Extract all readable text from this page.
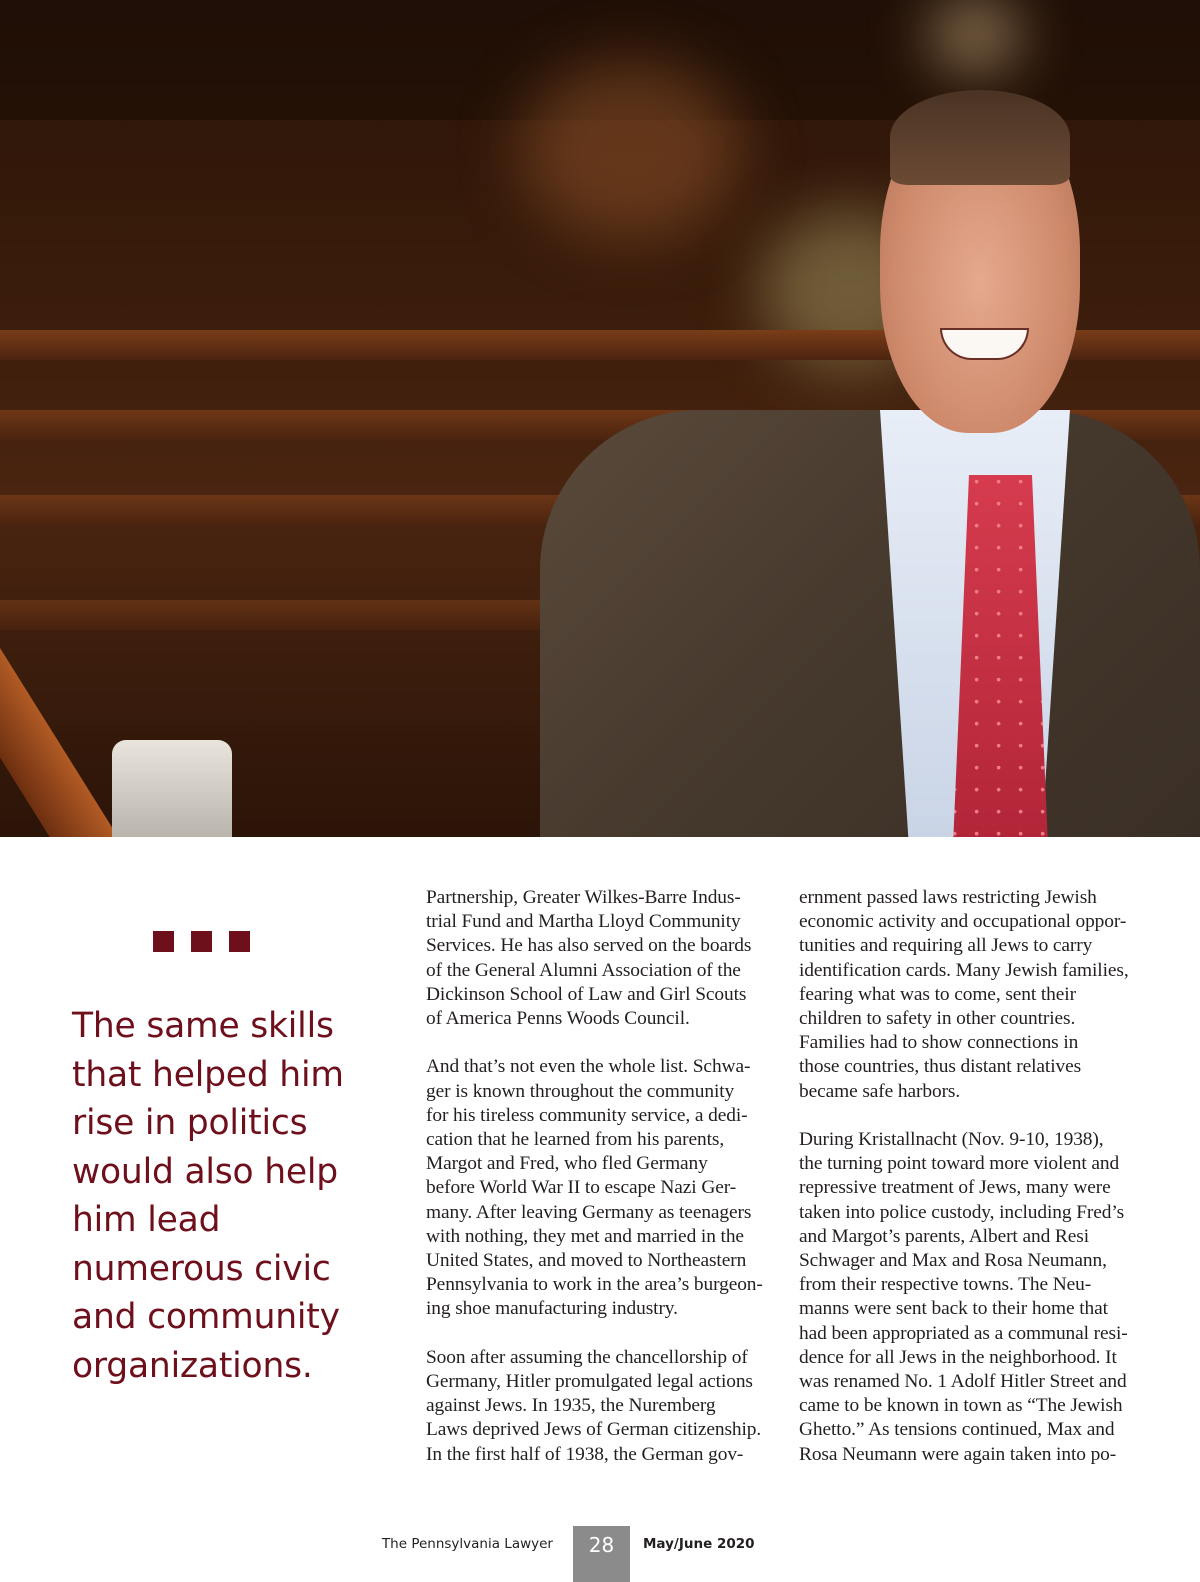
The same skills that helped him rise in politics would also help him lead numerous civic and community organizations.

Partnership, Greater Wilkes-Barre Indus-
trial Fund and Martha Lloyd Community
Services. He has also served on the boards
of the General Alumni Association of the
Dickinson School of Law and Girl Scouts
of America Penns Woods Council.

And that’s not even the whole list. Schwa-
ger is known throughout the community
for his tireless community service, a dedi-
cation that he learned from his parents,
Margot and Fred, who fled Germany
before World War II to escape Nazi Ger-
many. After leaving Germany as teenagers
with nothing, they met and married in the
United States, and moved to Northeastern
Pennsylvania to work in the area’s burgeon-
ing shoe manufacturing industry.

Soon after assuming the chancellorship of
Germany, Hitler promulgated legal actions
against Jews. In 1935, the Nuremberg
Laws deprived Jews of German citizenship.
In the first half of 1938, the German gov-

ernment passed laws restricting Jewish
economic activity and occupational oppor-
tunities and requiring all Jews to carry
identification cards. Many Jewish families,
fearing what was to come, sent their
children to safety in other countries.
Families had to show connections in
those countries, thus distant relatives
became safe harbors.

During Kristallnacht (Nov. 9-10, 1938),
the turning point toward more violent and
repressive treatment of Jews, many were
taken into police custody, including Fred’s
and Margot’s parents, Albert and Resi
Schwager and Max and Rosa Neumann,
from their respective towns. The Neu-
manns were sent back to their home that
had been appropriated as a communal resi-
dence for all Jews in the neighborhood. It
was renamed No. 1 Adolf Hitler Street and
came to be known in town as “The Jewish
Ghetto.” As tensions continued, Max and
Rosa Neumann were again taken into po-

The Pennsylvania Lawyer	28	May/June 2020
